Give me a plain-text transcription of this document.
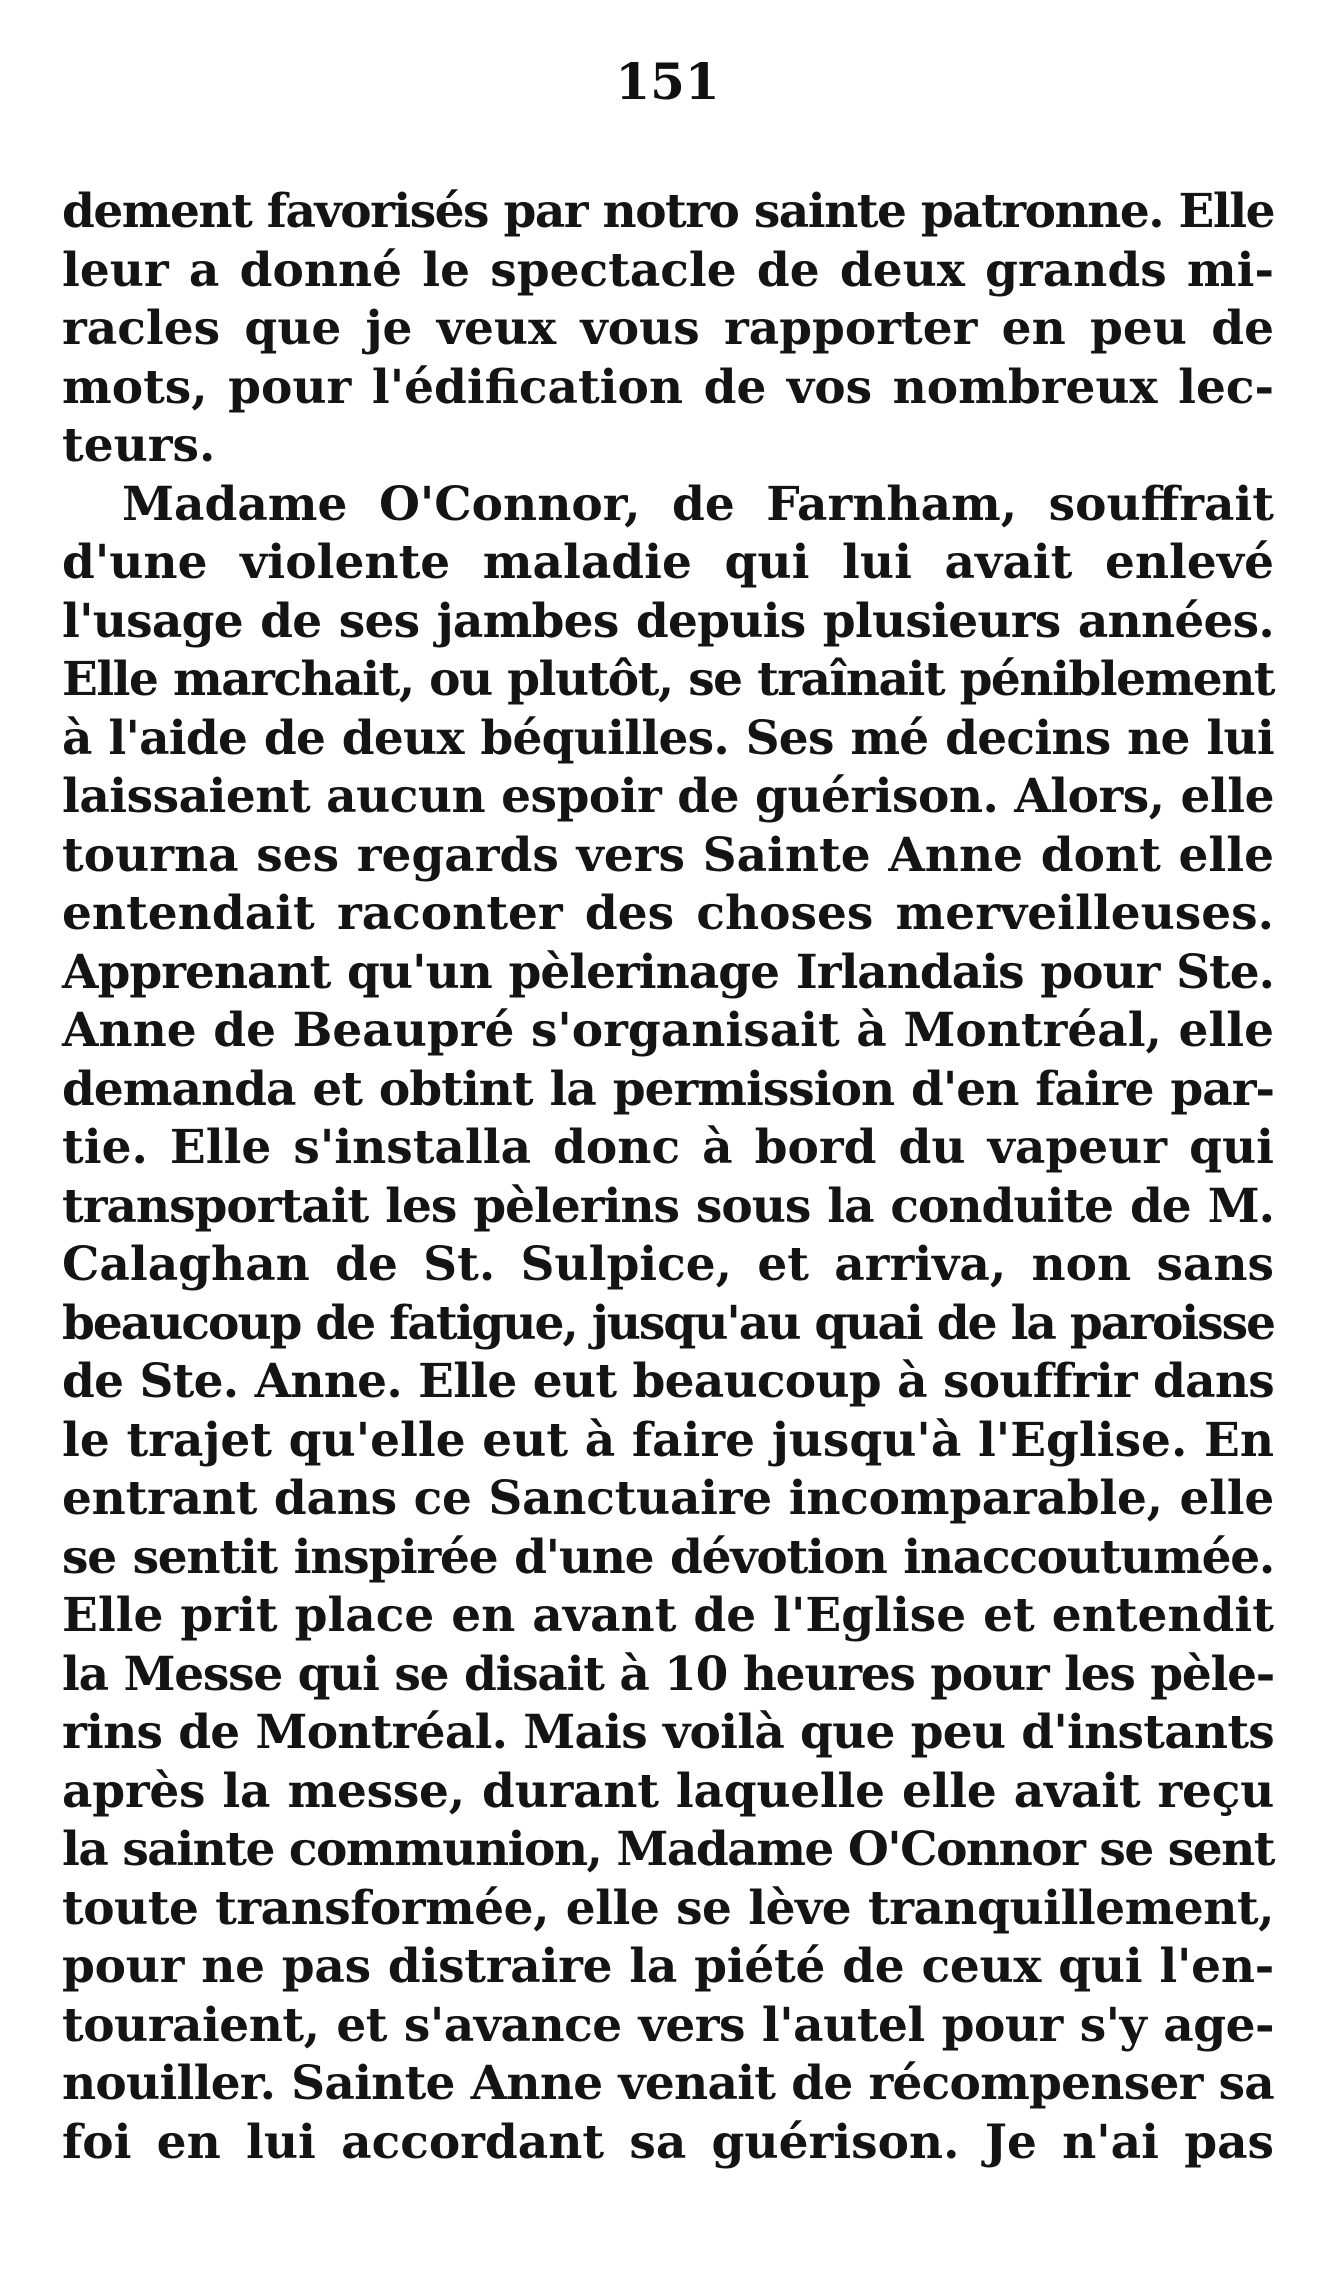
151
dement favorisés par notro sainte patronne. Elle
leur a donné le spectacle de deux grands mi-
racles que je veux vous rapporter en peu de
mots, pour l'édification de vos nombreux lec-
teurs.
Madame O'Connor, de Farnham, souffrait
d'une violente maladie qui lui avait enlevé
l'usage de ses jambes depuis plusieurs années.
Elle marchait, ou plutôt, se traînait péniblement
à l'aide de deux béquilles. Ses mé decins ne lui
laissaient aucun espoir de guérison. Alors, elle
tourna ses regards vers Sainte Anne dont elle
entendait raconter des choses merveilleuses.
Apprenant qu'un pèlerinage Irlandais pour Ste.
Anne de Beaupré s'organisait à Montréal, elle
demanda et obtint la permission d'en faire par-
tie. Elle s'installa donc à bord du vapeur qui
transportait les pèlerins sous la conduite de M.
Calaghan de St. Sulpice, et arriva, non sans
beaucoup de fatigue, jusqu'au quai de la paroisse
de Ste. Anne. Elle eut beaucoup à souffrir dans
le trajet qu'elle eut à faire jusqu'à l'Eglise. En
entrant dans ce Sanctuaire incomparable, elle
se sentit inspirée d'une dévotion inaccoutumée.
Elle prit place en avant de l'Eglise et entendit
la Messe qui se disait à 10 heures pour les pèle-
rins de Montréal. Mais voilà que peu d'instants
après la messe, durant laquelle elle avait reçu
la sainte communion, Madame O'Connor se sent
toute transformée, elle se lève tranquillement,
pour ne pas distraire la piété de ceux qui l'en-
touraient, et s'avance vers l'autel pour s'y age-
nouiller. Sainte Anne venait de récompenser sa
foi en lui accordant sa guérison. Je n'ai pas
